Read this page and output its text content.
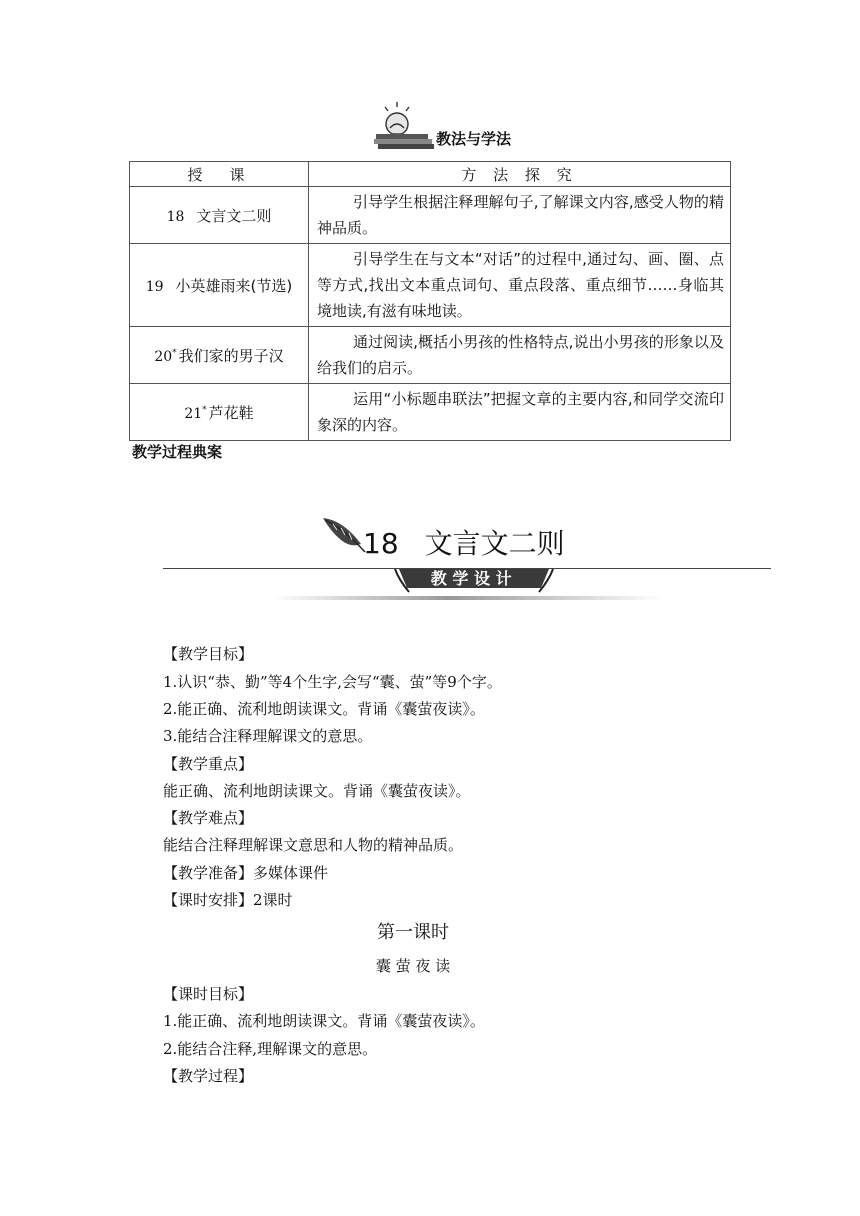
教法与学法
授　课	方 法 探 究
18 文言文二则	引导学生根据注释理解句子,了解课文内容,感受人物的精神品质。
19 小英雄雨来(节选)	引导学生在与文本“对话”的过程中,通过勾、画、圈、点等方式,找出文本重点词句、重点段落、重点细节……身临其境地读,有滋有味地读。
20* 我们家的男子汉	通过阅读,概括小男孩的性格特点,说出小男孩的形象以及给我们的启示。
21* 芦花鞋	运用“小标题串联法”把握文章的主要内容,和同学交流印象深的内容。
教学过程典案
18 文言文二则
教学设计
【教学目标】
1.认识“恭、勤”等4个生字,会写“囊、萤”等9个字。
2.能正确、流利地朗读课文。背诵《囊萤夜读》。
3.能结合注释理解课文的意思。
【教学重点】
能正确、流利地朗读课文。背诵《囊萤夜读》。
【教学难点】
能结合注释理解课文意思和人物的精神品质。
【教学准备】多媒体课件
【课时安排】2课时
第一课时
囊 萤 夜 读
【课时目标】
1.能正确、流利地朗读课文。背诵《囊萤夜读》。
2.能结合注释,理解课文的意思。
【教学过程】
